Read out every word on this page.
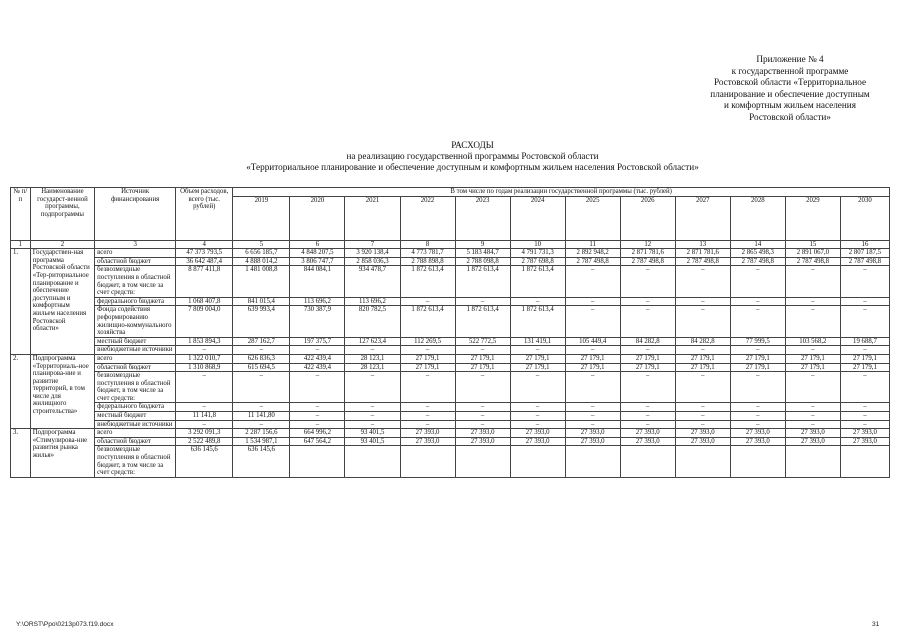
Приложение № 4
к государственной программе
Ростовской области «Территориальное
планирование и обеспечение доступным
и комфортным жильем населения
Ростовской области»
РАСХОДЫ
на реализацию государственной программы Ростовской области
«Территориальное планирование и обеспечение доступным и комфортным жильем населения Ростовской области»
№ п/п	Наименование государст-венной программы, подпрограммы	Источник финансирования	Объем расходов, всего (тыс. рублей)	В том числе по годам реализации государственной программы (тыс. рублей)											
				2019	2020	2021	2022	2023	2024	2025	2026	2027	2028	2029	2030
1	2	3	4	5	6	7	8	9	10	11	12	13	14	15	16
1.	Государствен-ная программа Ростовской области «Тер-риториальное планирование и обеспечение доступным и комфортным жильем населения Ростовской области»	всего	47 373 793,5	6 656 185,7	4 848 207,5	3 920 138,4	4 773 781,7	5 183 484,7	4 791 731,3	2 892 948,2	2 871 781,6	2 871 781,6	2 865 498,3	2 891 067,0	2 807 187,5
		областной бюджет	36 642 487,4	4 888 014,2	3 806 747,7	2 858 036,3	2 788 898,8	2 788 098,8	2 787 698,8	2 787 498,8	2 787 498,8	2 787 498,8	2 787 498,8	2 787 498,8	2 787 498,8
		безвозмездные поступления в областной бюджет, в том числе за счет средств:	8 877 411,8	1 481 008,8	844 084,1	934 478,7	1 872 613,4	1 872 613,4	1 872 613,4	–	–	–	–	–	–
		федерального бюджета	1 068 407,8	841 015,4	113 696,2	113 696,2	–	–	–	–	–	–	–	–	–
		Фонда содействия реформированию жилищно-коммунального хозяйства	7 809 004,0	639 993,4	730 387,9	820 782,5	1 872 613,4	1 872 613,4	1 872 613,4	–	–	–	–	–	–
		местный бюджет	1 853 894,3	287 162,7	197 375,7	127 623,4	112 269,5	522 772,5	131 419,1	105 449,4	84 282,8	84 282,8	77 999,5	103 568,2	19 688,7
		внебюджетные источники	–	–	–	–	–	–	–	–	–	–	–	–	–
2.	Подпрограмма «Территориаль-ное планирова-ние и развитие территорий, в том числе для жилищного строительства»	всего	1 322 010,7	626 836,3	422 439,4	28 123,1	27 179,1	27 179,1	27 179,1	27 179,1	27 179,1	27 179,1	27 179,1	27 179,1	27 179,1
		областной бюджет	1 310 868,9	615 694,5	422 439,4	28 123,1	27 179,1	27 179,1	27 179,1	27 179,1	27 179,1	27 179,1	27 179,1	27 179,1	27 179,1
		безвозмездные поступления в областной бюджет, в том числе за счет средств:	–	–	–	–	–	–	–	–	–	–	–	–	–
		федерального бюджета	–	–	–	–	–	–	–	–	–	–	–	–	–
		местный бюджет	11 141,8	11 141,80	–	–	–	–	–	–	–	–	–	–	–
		внебюджетные источники	–	–	–	–	–	–	–	–	–	–	–	–	–
3.	Подпрограмма «Стимулирова-ние развития рынка жилья»	всего	3 292 091,3	2 287 156,6	664 996,2	93 401,5	27 393,0	27 393,0	27 393,0	27 393,0	27 393,0	27 393,0	27 393,0	27 393,0	27 393,0
		областной бюджет	2 522 489,8	1 534 987,1	647 564,2	93 401,5	27 393,0	27 393,0	27 393,0	27 393,0	27 393,0	27 393,0	27 393,0	27 393,0	27 393,0
		безвозмездные поступления в областной бюджет, в том числе за счет средств:	636 145,6	636 145,6											
Y:\ORST\Ppo\0213p073.f19.docx	31
